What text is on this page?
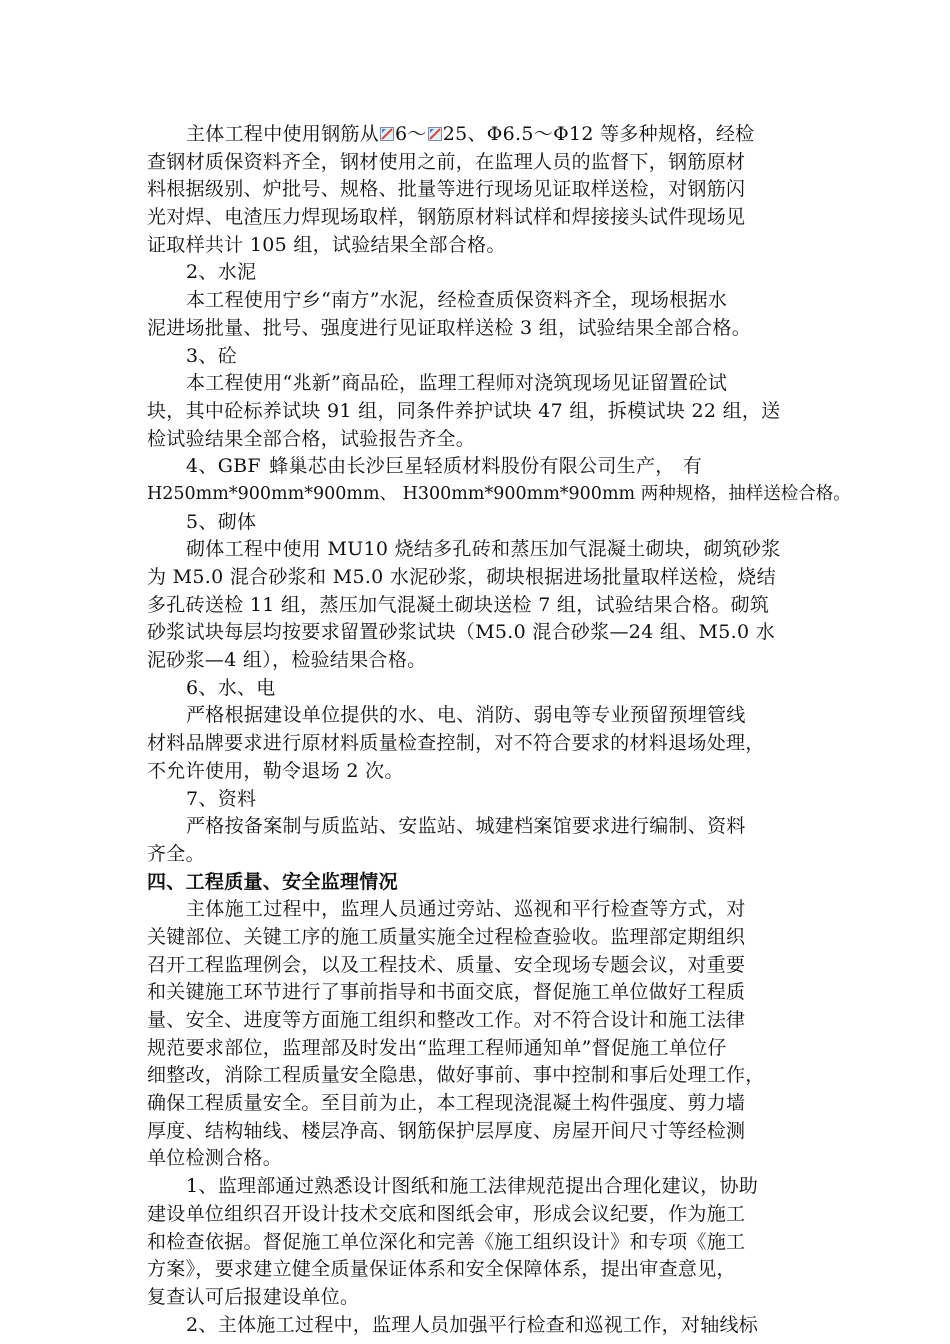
主体工程中使用钢筋从 6～ 25、Φ6.5～Φ12 等多种规格，经检
查钢材质保资料齐全，钢材使用之前，在监理人员的监督下，钢筋原材
料根据级别、炉批号、规格、批量等进行现场见证取样送检，对钢筋闪
光对焊、电渣压力焊现场取样，钢筋原材料试样和焊接接头试件现场见
证取样共计 105 组，试验结果全部合格。
2、水泥
本工程使用宁乡“南方”水泥，经检查质保资料齐全，现场根据水
泥进场批量、批号、强度进行见证取样送检 3 组，试验结果全部合格。
3、砼
本工程使用“兆新”商品砼，监理工程师对浇筑现场见证留置砼试
块，其中砼标养试块 91 组，同条件养护试块 47 组，拆模试块 22 组，送
检试验结果全部合格，试验报告齐全。
4、GBF 蜂巢芯由长沙巨星轻质材料股份有限公司生产， 有
H250mm*900mm*900mm、 H300mm*900mm*900mm 两种规格，抽样送检合格。
5、砌体
砌体工程中使用 MU10 烧结多孔砖和蒸压加气混凝土砌块，砌筑砂浆
为 M5.0 混合砂浆和 M5.0 水泥砂浆，砌块根据进场批量取样送检，烧结
多孔砖送检 11 组，蒸压加气混凝土砌块送检 7 组，试验结果合格。砌筑
砂浆试块每层均按要求留置砂浆试块（M5.0 混合砂浆—24 组、M5.0 水
泥砂浆—4 组），检验结果合格。
6、水、电
严格根据建设单位提供的水、电、消防、弱电等专业预留预埋管线
材料品牌要求进行原材料质量检查控制，对不符合要求的材料退场处理，
不允许使用，勒令退场 2 次。
7、资料
严格按备案制与质监站、安监站、城建档案馆要求进行编制、资料
齐全。
四、工程质量、安全监理情况
主体施工过程中，监理人员通过旁站、巡视和平行检查等方式，对
关键部位、关键工序的施工质量实施全过程检查验收。监理部定期组织
召开工程监理例会，以及工程技术、质量、安全现场专题会议，对重要
和关键施工环节进行了事前指导和书面交底，督促施工单位做好工程质
量、安全、进度等方面施工组织和整改工作。对不符合设计和施工法律
规范要求部位，监理部及时发出“监理工程师通知单”督促施工单位仔
细整改，消除工程质量安全隐患，做好事前、事中控制和事后处理工作，
确保工程质量安全。至目前为止，本工程现浇混凝土构件强度、剪力墙
厚度、结构轴线、楼层净高、钢筋保护层厚度、房屋开间尺寸等经检测
单位检测合格。
1、监理部通过熟悉设计图纸和施工法律规范提出合理化建议，协助
建设单位组织召开设计技术交底和图纸会审，形成会议纪要，作为施工
和检查依据。督促施工单位深化和完善《施工组织设计》和专项《施工
方案》，要求建立健全质量保证体系和安全保障体系，提出审查意见，
复查认可后报建设单位。
2、主体施工过程中，监理人员加强平行检查和巡视工作，对轴线标
